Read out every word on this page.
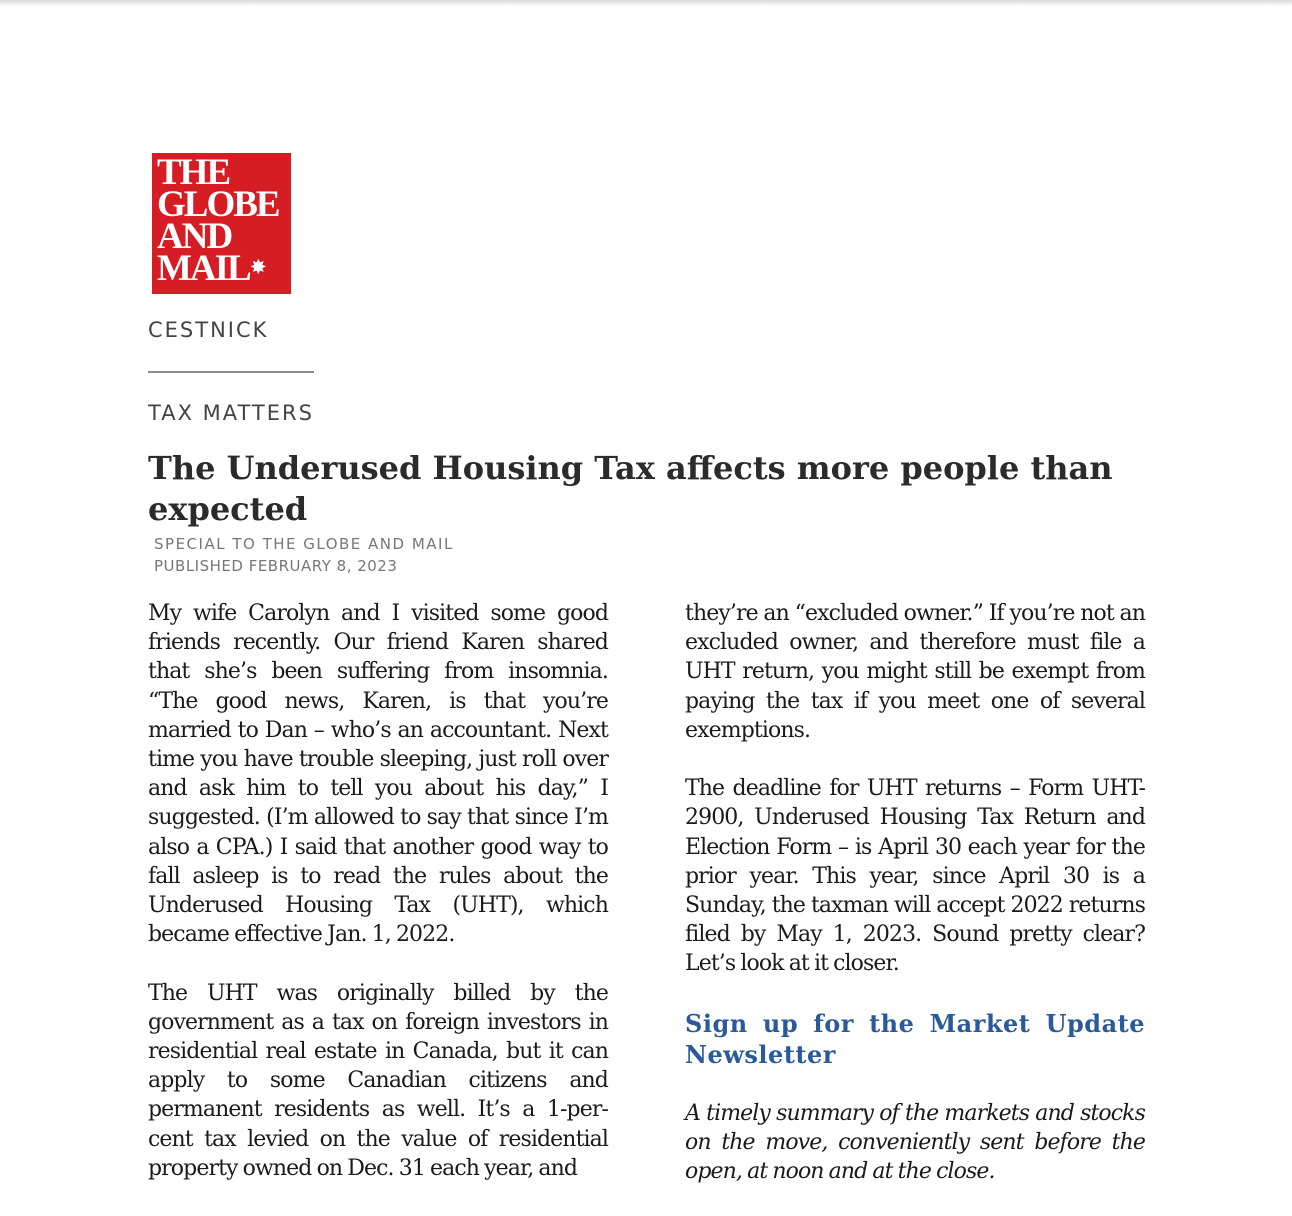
THE
GLOBE
AND
MAIL✸
CESTNICK
TAX MATTERS
The Underused Housing Tax affects more people than expected
SPECIAL TO THE GLOBE AND MAIL
PUBLISHED FEBRUARY 8, 2023

My wife Carolyn and I visited some good friends recently. Our friend Karen shared that she’s been suffering from insomnia. “The good news, Karen, is that you’re married to Dan – who’s an accountant. Next time you have trouble sleeping, just roll over and ask him to tell you about his day,” I suggested. (I’m allowed to say that since I’m also a CPA.) I said that another good way to fall asleep is to read the rules about the Underused Housing Tax (UHT), which became effective Jan. 1, 2022.

The UHT was originally billed by the government as a tax on foreign investors in residential real estate in Canada, but it can apply to some Canadian citizens and permanent residents as well. It’s a 1-per-cent tax levied on the value of residential property owned on Dec. 31 each year, and

they’re an “excluded owner.” If you’re not an excluded owner, and therefore must file a UHT return, you might still be exempt from paying the tax if you meet one of several exemptions.

The deadline for UHT returns – Form UHT-2900, Underused Housing Tax Return and Election Form – is April 30 each year for the prior year. This year, since April 30 is a Sunday, the taxman will accept 2022 returns filed by May 1, 2023. Sound pretty clear? Let’s look at it closer.

Sign up for the Market Update Newsletter

A timely summary of the markets and stocks on the move, conveniently sent before the open, at noon and at the close.
